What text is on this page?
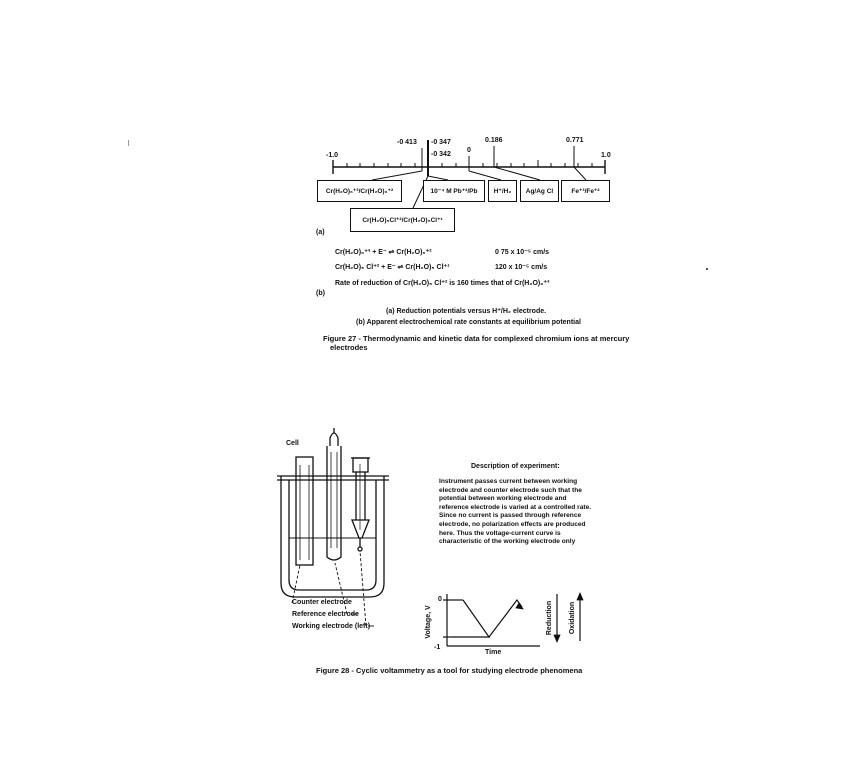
-1.0
-0 413 -0 347
-0 342
0
0.186	0.771
1.0
Cr(H₂O)₆⁺³/Cr(H₂O)₆⁺²	10⁻⁴ M Pb⁺²/Pb	H⁺/H₂	Ag/Ag Cl	Fe⁺³/Fe⁺²
Cr(H₂O)₅Cl⁺²/Cr(H₂O)₅Cl⁺¹
(a)
Cr(H₂O)₆⁺³ + E⁻ ⇌ Cr(H₂O)₆⁺²	0 75 x 10⁻⁵ cm/s
Cr(H₂O)₅ Cl⁺² + E⁻ ⇌ Cr(H₂O)₅ Cl⁺¹	120 x 10⁻⁵ cm/s
Rate of reduction of Cr(H₂O)₅ Cl⁺² is 160 times that of Cr(H₂O)₆⁺³
(b)
(a) Reduction potentials versus H⁺/H₂ electrode.
(b) Apparent electrochemical rate constants at equilibrium potential
Figure 27 - Thermodynamic and kinetic data for complexed chromium ions at mercury
electrodes
Cell
Counter electrode
Reference electrode
Working electrode (left)
Description of experiment:
Instrument passes current between working
electrode and counter electrode such that the
potential between working electrode and
reference electrode is varied at a controlled rate.
Since no current is passed through reference
electrode, no polarization effects are produced
here. Thus the voltage-current curve is
characteristic of the working electrode only
Voltage, V
0
-1
Time
Reduction Oxidation
Figure 28 - Cyclic voltammetry as a tool for studying electrode phenomena
